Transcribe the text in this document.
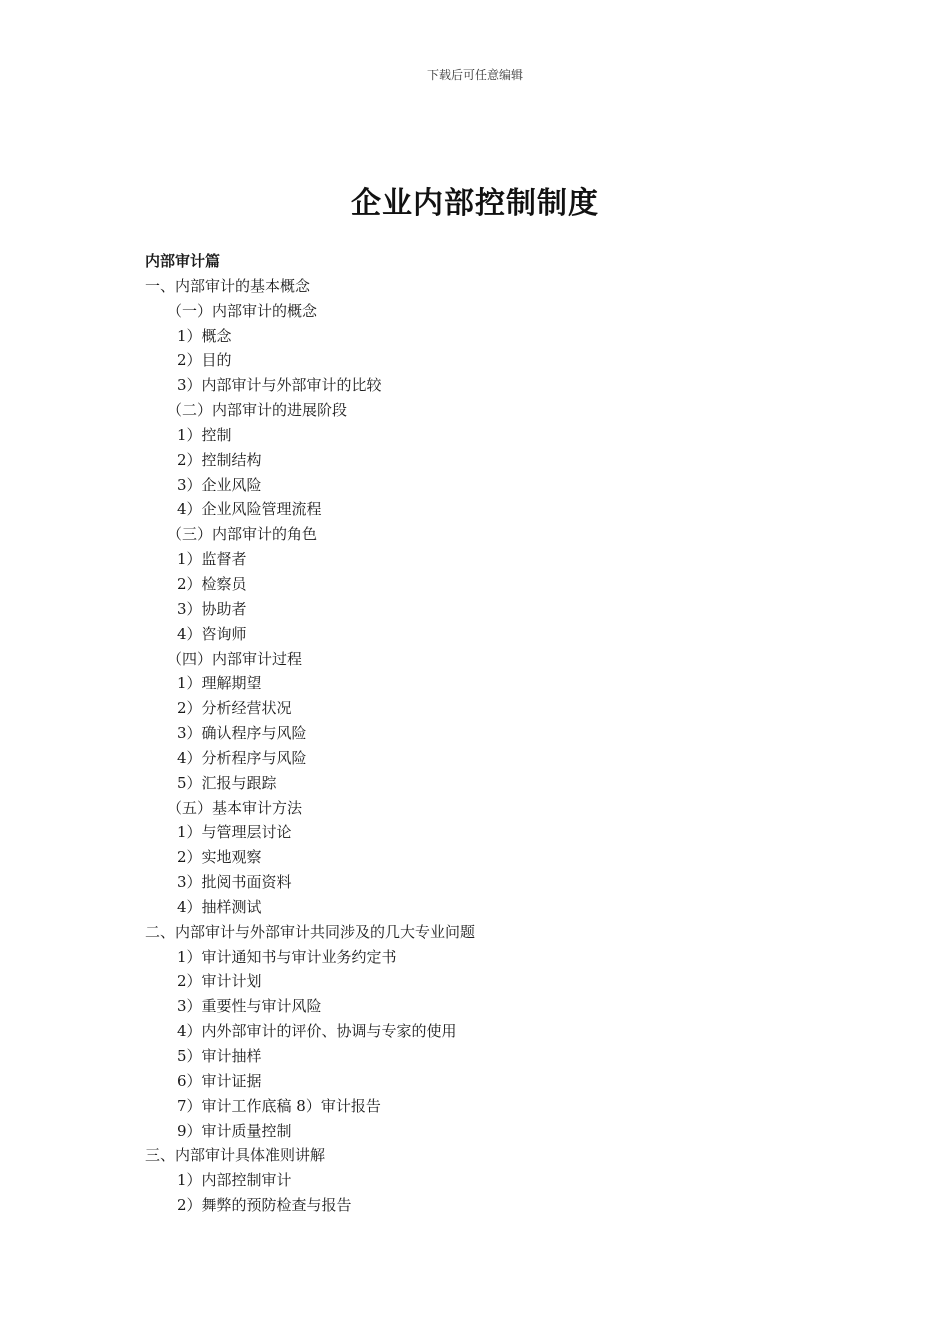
下载后可任意编辑
企业内部控制制度
内部审计篇
一、内部审计的基本概念
（一）内部审计的概念
1）概念
2）目的
3）内部审计与外部审计的比较
（二）内部审计的进展阶段
1）控制
2）控制结构
3）企业风险
4）企业风险管理流程
（三）内部审计的角色
1）监督者
2）检察员
3）协助者
4）咨询师
（四）内部审计过程
1）理解期望
2）分析经营状况
3）确认程序与风险
4）分析程序与风险
5）汇报与跟踪
（五）基本审计方法
1）与管理层讨论
2）实地观察
3）批阅书面资料
4）抽样测试
二、内部审计与外部审计共同涉及的几大专业问题
1）审计通知书与审计业务约定书
2）审计计划
3）重要性与审计风险
4）内外部审计的评价、协调与专家的使用
5）审计抽样
6）审计证据
7）审计工作底稿 8）审计报告
9）审计质量控制
三、内部审计具体准则讲解
1）内部控制审计
2）舞弊的预防检查与报告
